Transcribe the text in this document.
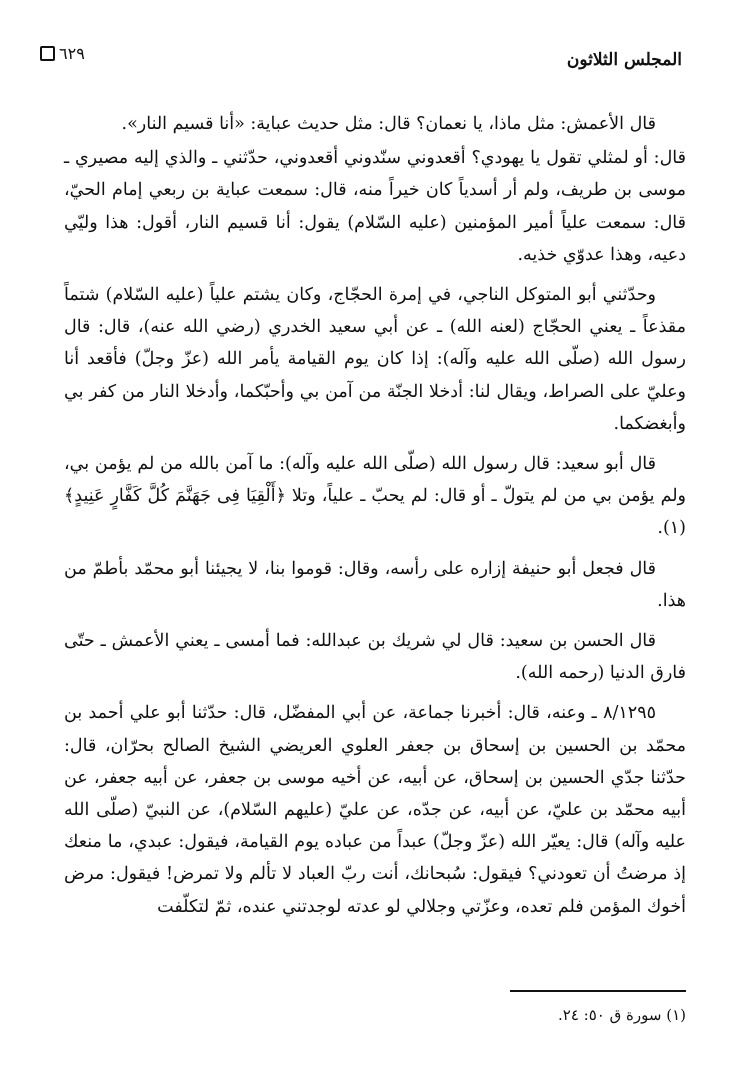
المجلس الثلاثون
٦٢٩

قال الأعمش: مثل ماذا، يا نعمان؟ قال: مثل حديث عباية: «أنا قسيم النار».

قال: أو لمثلي تقول يا يهودي؟ أقعدوني سنّدوني أقعدوني، حدّثني ـ والذي إليه مصيري ـ موسى بن طريف، ولم أر أسدياً كان خيراً منه، قال: سمعت عباية بن ربعي إمام الحيّ، قال: سمعت علياً أمير المؤمنين (عليه السّلام) يقول: أنا قسيم النار، أقول: هذا وليّي دعيه، وهذا عدوّي خذيه.

وحدّثني أبو المتوكل الناجي، في إمرة الحجّاج، وكان يشتم علياً (عليه السّلام) شتماً مقذعاً ـ يعني الحجّاج (لعنه الله) ـ عن أبي سعيد الخدري (رضي الله عنه)، قال: قال رسول الله (صلّى الله عليه وآله): إذا كان يوم القيامة يأمر الله (عزّ وجلّ) فأقعد أنا وعليّ على الصراط، ويقال لنا: أدخلا الجنّة من آمن بي وأحبّكما، وأدخلا النار من كفر بي وأبغضكما.

قال أبو سعيد: قال رسول الله (صلّى الله عليه وآله): ما آمن بالله من لم يؤمن بي، ولم يؤمن بي من لم يتولّ ـ أو قال: لم يحبّ ـ علياً، وتلا ﴿أَلْقِيَا فِى جَهَنَّمَ كُلَّ كَفَّارٍ عَنِيدٍ﴾(١).

قال فجعل أبو حنيفة إزاره على رأسه، وقال: قوموا بنا، لا يجيئنا أبو محمّد بأطمّ من هذا.

قال الحسن بن سعيد: قال لي شريك بن عبدالله: فما أمسى ـ يعني الأعمش ـ حتّى فارق الدنيا (رحمه الله).

٨/١٢٩٥ ـ وعنه، قال: أخبرنا جماعة، عن أبي المفضّل، قال: حدّثنا أبو علي أحمد بن محمّد بن الحسين بن إسحاق بن جعفر العلوي العريضي الشيخ الصالح بحرّان، قال: حدّثنا جدّي الحسين بن إسحاق، عن أبيه، عن أخيه موسى بن جعفر، عن أبيه جعفر، عن أبيه محمّد بن عليّ، عن أبيه، عن جدّه، عن عليّ (عليهم السّلام)، عن النبيّ (صلّى الله عليه وآله) قال: يعيّر الله (عزّ وجلّ) عبداً من عباده يوم القيامة، فيقول: عبدي، ما منعك إذ مرضتُ أن تعودني؟ فيقول: سُبحانك، أنت ربّ العباد لا تألم ولا تمرض! فيقول: مرض أخوك المؤمن فلم تعده، وعزّتي وجلالي لو عدته لوجدتني عنده، ثمّ لتكلّفت

(١) سورة ق ٥٠: ٢٤.
